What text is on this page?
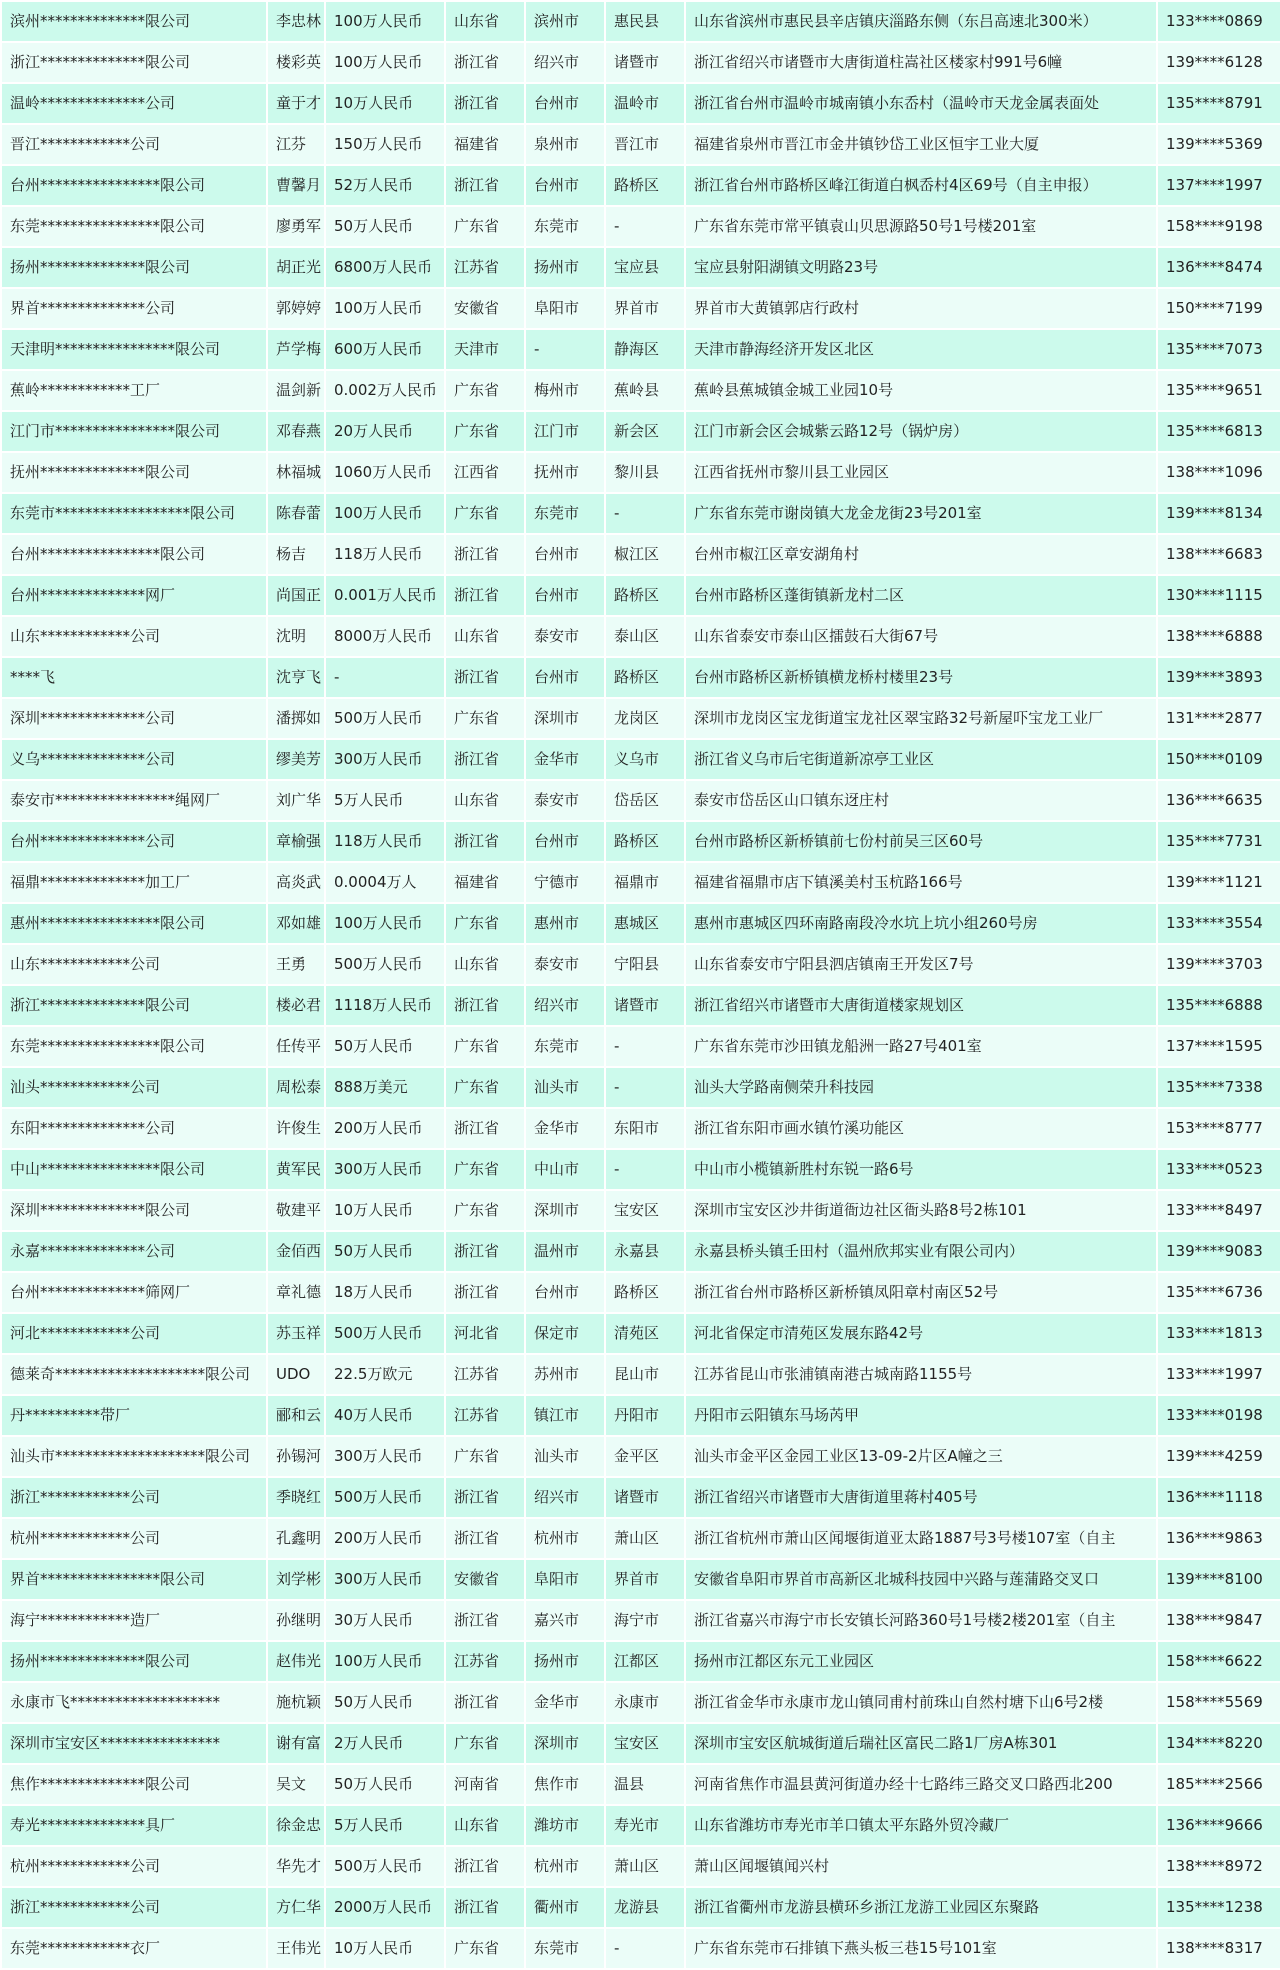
滨州**************限公司	李忠林	100万人民币	山东省	滨州市	惠民县	山东省滨州市惠民县辛店镇庆淄路东侧（东吕高速北300米）	133****0869
浙江**************限公司	楼彩英	100万人民币	浙江省	绍兴市	诸暨市	浙江省绍兴市诸暨市大唐街道柱嵩社区楼家村991号6幢	139****6128
温岭**************公司	童于才	10万人民币	浙江省	台州市	温岭市	浙江省台州市温岭市城南镇小东岙村（温岭市天龙金属表面处	135****8791
晋江************公司	江芬	150万人民币	福建省	泉州市	晋江市	福建省泉州市晋江市金井镇钞岱工业区恒宇工业大厦	139****5369
台州****************限公司	曹馨月	52万人民币	浙江省	台州市	路桥区	浙江省台州市路桥区峰江街道白枫岙村4区69号（自主申报）	137****1997
东莞****************限公司	廖勇军	50万人民币	广东省	东莞市	-	广东省东莞市常平镇袁山贝思源路50号1号楼201室	158****9198
扬州**************限公司	胡正光	6800万人民币	江苏省	扬州市	宝应县	宝应县射阳湖镇文明路23号	136****8474
界首**************公司	郭婷婷	100万人民币	安徽省	阜阳市	界首市	界首市大黄镇郭店行政村	150****7199
天津明****************限公司	芦学梅	600万人民币	天津市	-	静海区	天津市静海经济开发区北区	135****7073
蕉岭************工厂	温剑新	0.002万人民币	广东省	梅州市	蕉岭县	蕉岭县蕉城镇金城工业园10号	135****9651
江门市****************限公司	邓春燕	20万人民币	广东省	江门市	新会区	江门市新会区会城紫云路12号（锅炉房）	135****6813
抚州**************限公司	林福城	1060万人民币	江西省	抚州市	黎川县	江西省抚州市黎川县工业园区	138****1096
东莞市******************限公司	陈春蕾	100万人民币	广东省	东莞市	-	广东省东莞市谢岗镇大龙金龙街23号201室	139****8134
台州****************限公司	杨吉	118万人民币	浙江省	台州市	椒江区	台州市椒江区章安湖角村	138****6683
台州**************网厂	尚国正	0.001万人民币	浙江省	台州市	路桥区	台州市路桥区蓬街镇新龙村二区	130****1115
山东************公司	沈明	8000万人民币	山东省	泰安市	泰山区	山东省泰安市泰山区擂鼓石大街67号	138****6888
****飞	沈亨飞	-	浙江省	台州市	路桥区	台州市路桥区新桥镇横龙桥村楼里23号	139****3893
深圳**************公司	潘掷如	500万人民币	广东省	深圳市	龙岗区	深圳市龙岗区宝龙街道宝龙社区翠宝路32号新屋吓宝龙工业厂	131****2877
义乌**************公司	缪美芳	300万人民币	浙江省	金华市	义乌市	浙江省义乌市后宅街道新凉亭工业区	150****0109
泰安市****************绳网厂	刘广华	5万人民币	山东省	泰安市	岱岳区	泰安市岱岳区山口镇东迓庄村	136****6635
台州**************公司	章榆强	118万人民币	浙江省	台州市	路桥区	台州市路桥区新桥镇前七份村前吴三区60号	135****7731
福鼎**************加工厂	高炎武	0.0004万人	福建省	宁德市	福鼎市	福建省福鼎市店下镇溪美村玉杭路166号	139****1121
惠州****************限公司	邓如雄	100万人民币	广东省	惠州市	惠城区	惠州市惠城区四环南路南段冷水坑上坑小组260号房	133****3554
山东************公司	王勇	500万人民币	山东省	泰安市	宁阳县	山东省泰安市宁阳县泗店镇南王开发区7号	139****3703
浙江**************限公司	楼必君	1118万人民币	浙江省	绍兴市	诸暨市	浙江省绍兴市诸暨市大唐街道楼家规划区	135****6888
东莞****************限公司	任传平	50万人民币	广东省	东莞市	-	广东省东莞市沙田镇龙船洲一路27号401室	137****1595
汕头************公司	周松泰	888万美元	广东省	汕头市	-	汕头大学路南侧荣升科技园	135****7338
东阳**************公司	许俊生	200万人民币	浙江省	金华市	东阳市	浙江省东阳市画水镇竹溪功能区	153****8777
中山****************限公司	黄军民	300万人民币	广东省	中山市	-	中山市小榄镇新胜村东锐一路6号	133****0523
深圳**************限公司	敬建平	10万人民币	广东省	深圳市	宝安区	深圳市宝安区沙井街道衙边社区衙头路8号2栋101	133****8497
永嘉**************公司	金佰西	50万人民币	浙江省	温州市	永嘉县	永嘉县桥头镇壬田村（温州欣邦实业有限公司内）	139****9083
台州**************筛网厂	章礼德	18万人民币	浙江省	台州市	路桥区	浙江省台州市路桥区新桥镇凤阳章村南区52号	135****6736
河北************公司	苏玉祥	500万人民币	河北省	保定市	清苑区	河北省保定市清苑区发展东路42号	133****1813
德莱奇********************限公司	UDO	22.5万欧元	江苏省	苏州市	昆山市	江苏省昆山市张浦镇南港古城南路1155号	133****1997
丹**********带厂	郦和云	40万人民币	江苏省	镇江市	丹阳市	丹阳市云阳镇东马场芮甲	133****0198
汕头市********************限公司	孙锡河	300万人民币	广东省	汕头市	金平区	汕头市金平区金园工业区13-09-2片区A幢之三	139****4259
浙江************公司	季晓红	500万人民币	浙江省	绍兴市	诸暨市	浙江省绍兴市诸暨市大唐街道里蒋村405号	136****1118
杭州************公司	孔鑫明	200万人民币	浙江省	杭州市	萧山区	浙江省杭州市萧山区闻堰街道亚太路1887号3号楼107室（自主	136****9863
界首****************限公司	刘学彬	300万人民币	安徽省	阜阳市	界首市	安徽省阜阳市界首市高新区北城科技园中兴路与莲蒲路交叉口	139****8100
海宁************造厂	孙继明	30万人民币	浙江省	嘉兴市	海宁市	浙江省嘉兴市海宁市长安镇长河路360号1号楼2楼201室（自主	138****9847
扬州**************限公司	赵伟光	100万人民币	江苏省	扬州市	江都区	扬州市江都区东元工业园区	158****6622
永康市飞********************	施杭颖	50万人民币	浙江省	金华市	永康市	浙江省金华市永康市龙山镇同甫村前珠山自然村塘下山6号2楼	158****5569
深圳市宝安区****************	谢有富	2万人民币	广东省	深圳市	宝安区	深圳市宝安区航城街道后瑞社区富民二路1厂房A栋301	134****8220
焦作**************限公司	吴文	50万人民币	河南省	焦作市	温县	河南省焦作市温县黄河街道办经十七路纬三路交叉口路西北200	185****2566
寿光**************具厂	徐金忠	5万人民币	山东省	潍坊市	寿光市	山东省潍坊市寿光市羊口镇太平东路外贸冷藏厂	136****9666
杭州************公司	华先才	500万人民币	浙江省	杭州市	萧山区	萧山区闻堰镇闻兴村	138****8972
浙江************公司	方仁华	2000万人民币	浙江省	衢州市	龙游县	浙江省衢州市龙游县横环乡浙江龙游工业园区东聚路	135****1238
东莞************衣厂	王伟光	10万人民币	广东省	东莞市	-	广东省东莞市石排镇下燕头板三巷15号101室	138****8317
